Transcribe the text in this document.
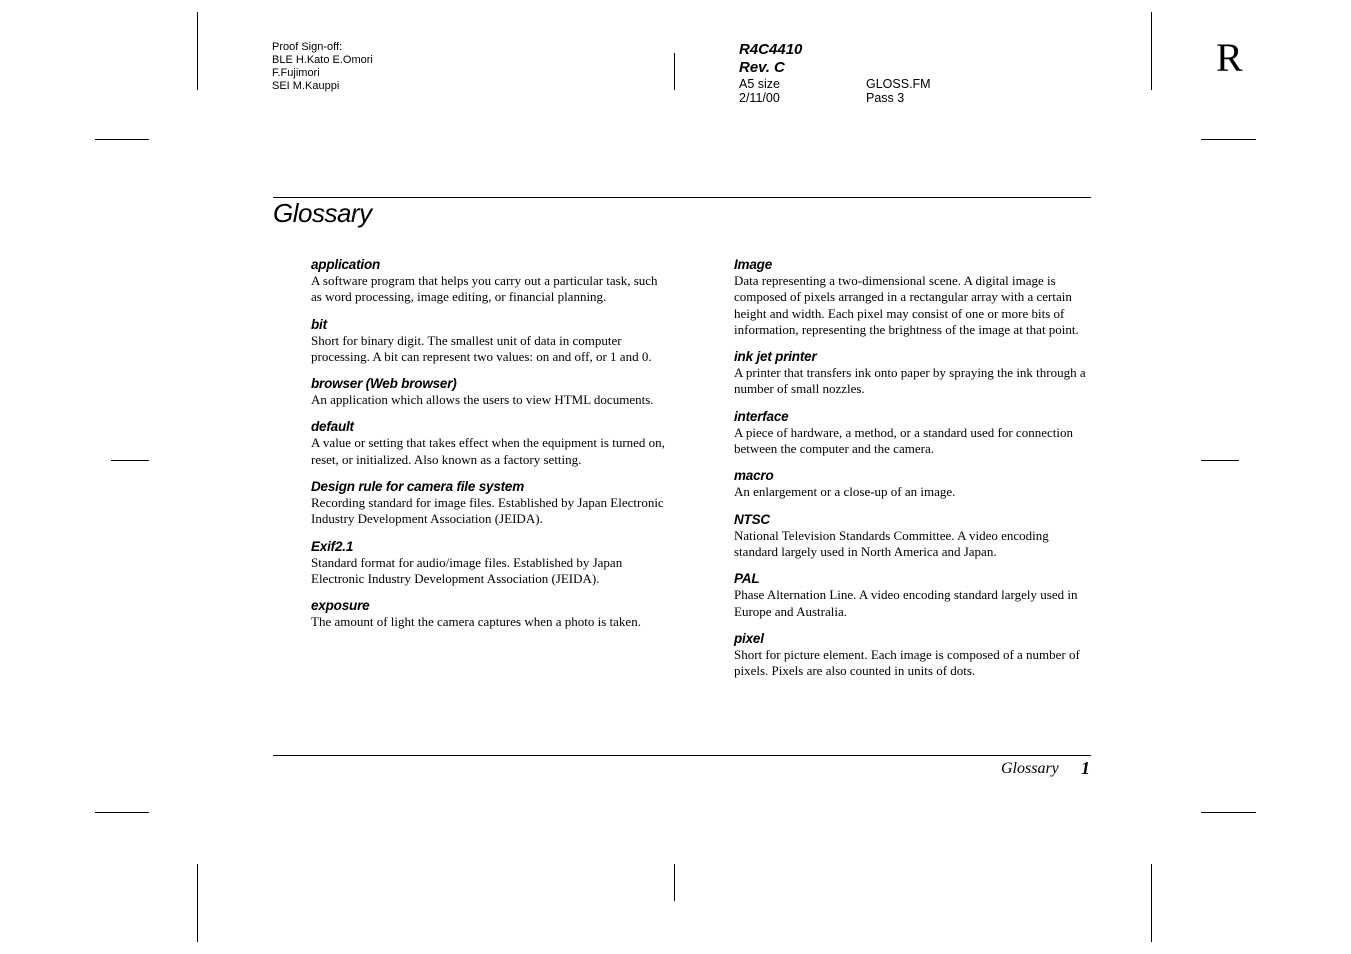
Proof Sign-off:
BLE H.Kato E.Omori
F.Fujimori
SEI M.Kauppi
R4C4410
Rev. C
A5 size
2/11/00
GLOSS.FM
Pass 3
R
Glossary
application
A software program that helps you carry out a particular task, such as word processing, image editing, or financial planning.
bit
Short for binary digit. The smallest unit of data in computer processing. A bit can represent two values: on and off, or 1 and 0.
browser (Web browser)
An application which allows the users to view HTML documents.
default
A value or setting that takes effect when the equipment is turned on, reset, or initialized. Also known as a factory setting.
Design rule for camera file system
Recording standard for image files. Established by Japan Electronic Industry Development Association (JEIDA).
Exif2.1
Standard format for audio/image files. Established by Japan Electronic Industry Development Association (JEIDA).
exposure
The amount of light the camera captures when a photo is taken.
Image
Data representing a two-dimensional scene. A digital image is composed of pixels arranged in a rectangular array with a certain height and width. Each pixel may consist of one or more bits of information, representing the brightness of the image at that point.
ink jet printer
A printer that transfers ink onto paper by spraying the ink through a number of small nozzles.
interface
A piece of hardware, a method, or a standard used for connection between the computer and the camera.
macro
An enlargement or a close-up of an image.
NTSC
National Television Standards Committee. A video encoding standard largely used in North America and Japan.
PAL
Phase Alternation Line. A video encoding standard largely used in Europe and Australia.
pixel
Short for picture element. Each image is composed of a number of pixels. Pixels are also counted in units of dots.
Glossary 1
